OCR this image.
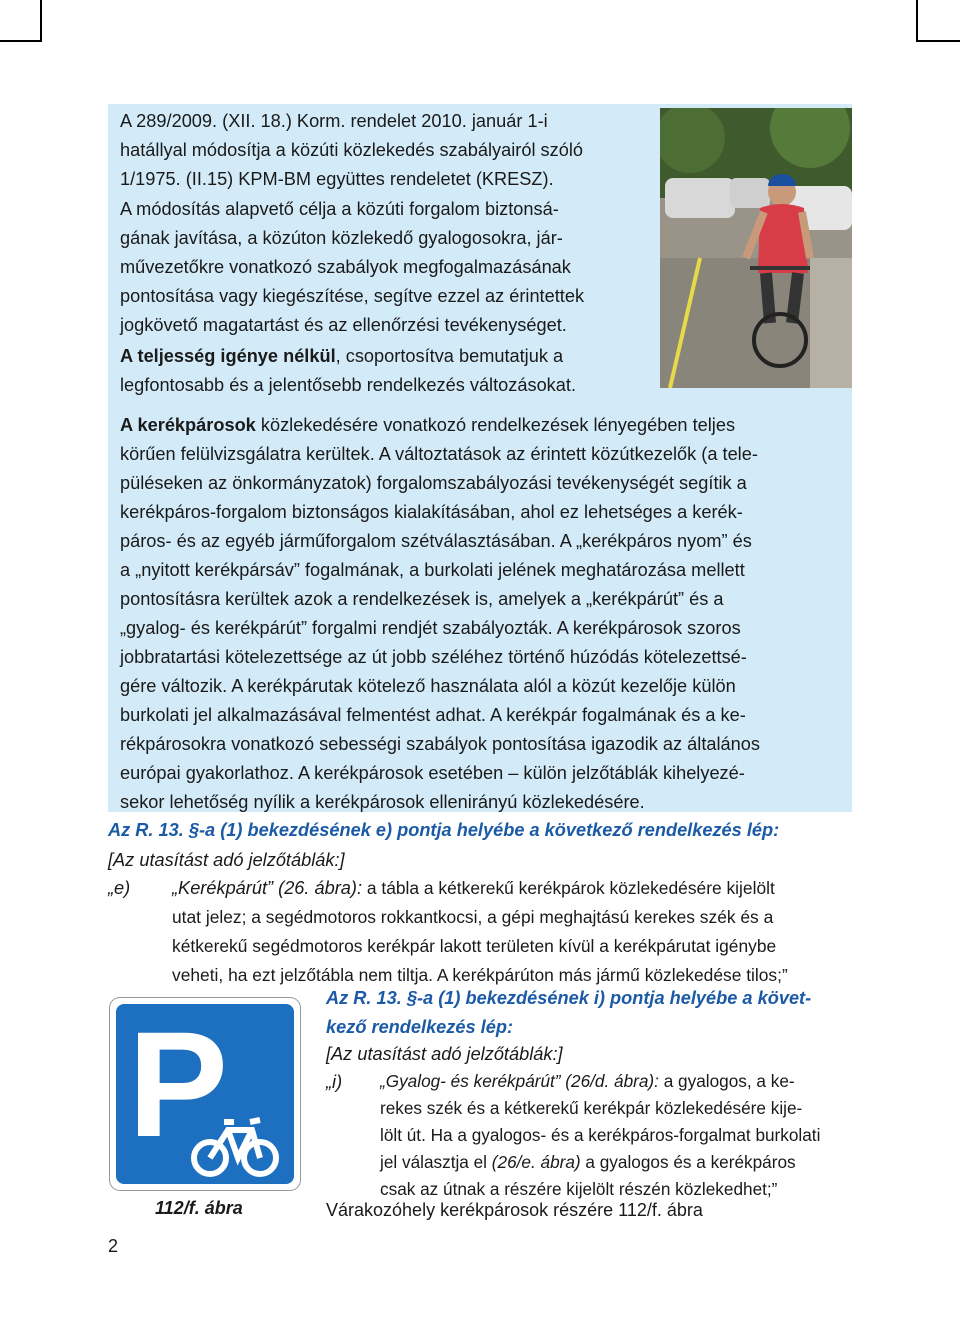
A 289/2009. (XII. 18.) Korm. rendelet 2010. január 1-i

hatállyal módosítja a közúti közlekedés szabályairól szóló

1/1975. (II.15) KPM-BM együttes rendeletet (KRESZ).

A módosítás alapvető célja a közúti forgalom biztonsá-

gának javítása, a közúton közlekedő gyalogosokra, jár-

művezetőkre vonatkozó szabályok megfogalmazásának

pontosítása vagy kiegészítése, segítve ezzel az érintettek

jogkövető magatartást és az ellenőrzési tevékenységet.

A teljesség igénye nélkül, csoportosítva bemutatjuk a

legfontosabb és a jelentősebb rendelkezés változásokat.

A kerékpárosok közlekedésére vonatkozó rendelkezések lényegében teljes

körűen felülvizsgálatra kerültek. A változtatások az érintett közútkezelők (a tele-

püléseken az önkormányzatok) forgalomszabályozási tevékenységét segítik a

kerékpáros-forgalom biztonságos kialakításában, ahol ez lehetséges a kerék-

páros- és az egyéb járműforgalom szétválasztásában. A „kerékpáros nyom” és

a „nyitott kerékpársáv” fogalmának, a burkolati jelének meghatározása mellett

pontosításra kerültek azok a rendelkezések is, amelyek a „kerékpárút” és a

„gyalog- és kerékpárút” forgalmi rendjét szabályozták. A kerékpárosok szoros

jobbratartási kötelezettsége az út jobb széléhez történő húzódás kötelezettsé-

gére változik. A kerékpárutak kötelező használata alól a közút kezelője külön

burkolati jel alkalmazásával felmentést adhat. A kerékpár fogalmának és a ke-

rékpárosokra vonatkozó sebességi szabályok pontosítása igazodik az általános

európai gyakorlathoz. A kerékpárosok esetében – külön jelzőtáblák kihelyezé-

sekor lehetőség nyílik a kerékpárosok ellenirányú közlekedésére.

Az R. 13. §-a (1) bekezdésének e) pontja helyébe a következő rendelkezés lép:
[Az utasítást adó jelzőtáblák:]
„e) „Kerékpárút” (26. ábra): a tábla a kétkerekű kerékpárok közlekedésére kijelölt

utat jelez; a segédmotoros rokkantkocsi, a gépi meghajtású kerekes szék és a

kétkerekű segédmotoros kerékpár lakott területen kívül a kerékpárutat igénybe

veheti, ha ezt jelzőtábla nem tiltja. A kerékpárúton más jármű közlekedése tilos;”

P
112/f. ábra
Az R. 13. §-a (1) bekezdésének i) pontja helyébe a követ-
kező rendelkezés lép:
[Az utasítást adó jelzőtáblák:]
„i) „Gyalog- és kerékpárút” (26/d. ábra): a gyalogos, a ke-

rekes szék és a kétkerekű kerékpár közlekedésére kije-

lölt út. Ha a gyalogos- és a kerékpáros-forgalmat burkolati

jel választja el (26/e. ábra) a gyalogos és a kerékpáros

csak az útnak a részére kijelölt részén közlekedhet;”

Várakozóhely kerékpárosok részére 112/f. ábra
2
